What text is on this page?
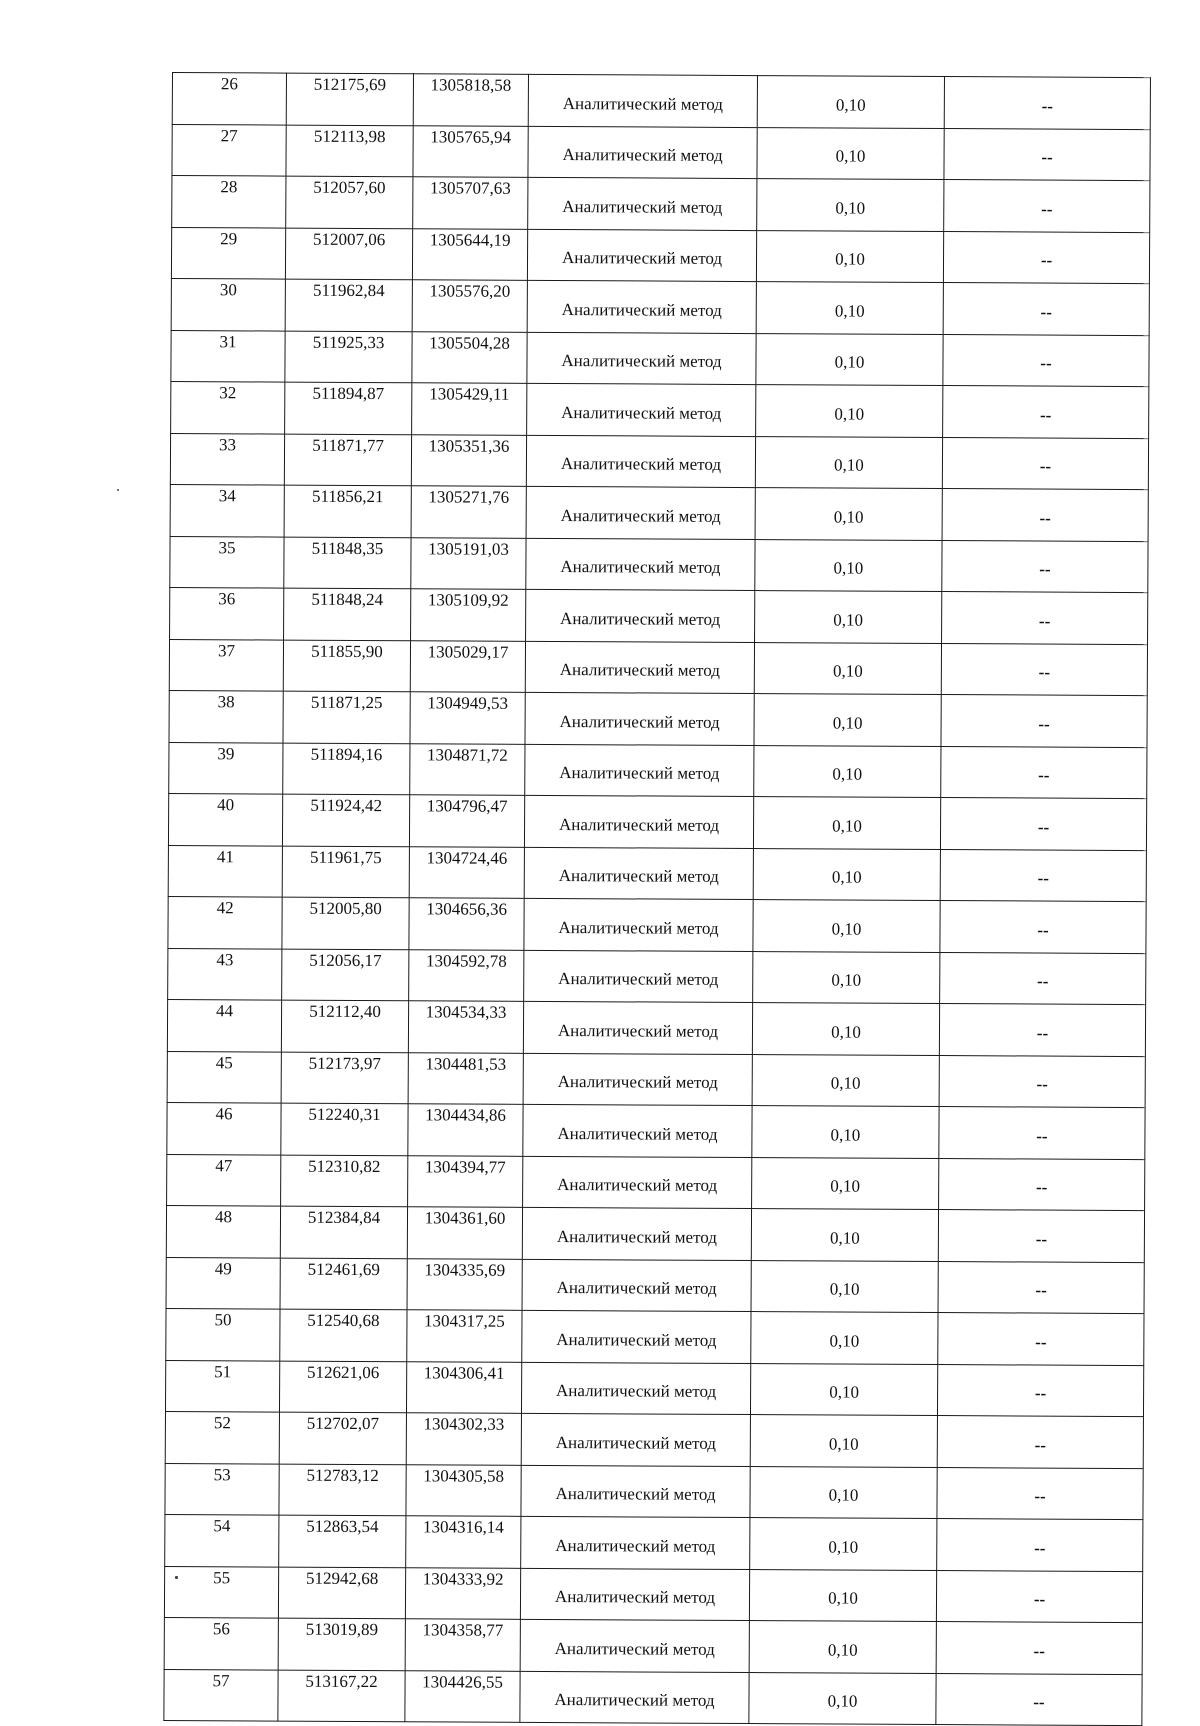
26	512175,69	1305818,58	Аналитический метод	0,10	--
27	512113,98	1305765,94	Аналитический метод	0,10	--
28	512057,60	1305707,63	Аналитический метод	0,10	--
29	512007,06	1305644,19	Аналитический метод	0,10	--
30	511962,84	1305576,20	Аналитический метод	0,10	--
31	511925,33	1305504,28	Аналитический метод	0,10	--
32	511894,87	1305429,11	Аналитический метод	0,10	--
33	511871,77	1305351,36	Аналитический метод	0,10	--
34	511856,21	1305271,76	Аналитический метод	0,10	--
35	511848,35	1305191,03	Аналитический метод	0,10	--
36	511848,24	1305109,92	Аналитический метод	0,10	--
37	511855,90	1305029,17	Аналитический метод	0,10	--
38	511871,25	1304949,53	Аналитический метод	0,10	--
39	511894,16	1304871,72	Аналитический метод	0,10	--
40	511924,42	1304796,47	Аналитический метод	0,10	--
41	511961,75	1304724,46	Аналитический метод	0,10	--
42	512005,80	1304656,36	Аналитический метод	0,10	--
43	512056,17	1304592,78	Аналитический метод	0,10	--
44	512112,40	1304534,33	Аналитический метод	0,10	--
45	512173,97	1304481,53	Аналитический метод	0,10	--
46	512240,31	1304434,86	Аналитический метод	0,10	--
47	512310,82	1304394,77	Аналитический метод	0,10	--
48	512384,84	1304361,60	Аналитический метод	0,10	--
49	512461,69	1304335,69	Аналитический метод	0,10	--
50	512540,68	1304317,25	Аналитический метод	0,10	--
51	512621,06	1304306,41	Аналитический метод	0,10	--
52	512702,07	1304302,33	Аналитический метод	0,10	--
53	512783,12	1304305,58	Аналитический метод	0,10	--
54	512863,54	1304316,14	Аналитический метод	0,10	--
55	512942,68	1304333,92	Аналитический метод	0,10	--
56	513019,89	1304358,77	Аналитический метод	0,10	--
57	513167,22	1304426,55	Аналитический метод	0,10	--
